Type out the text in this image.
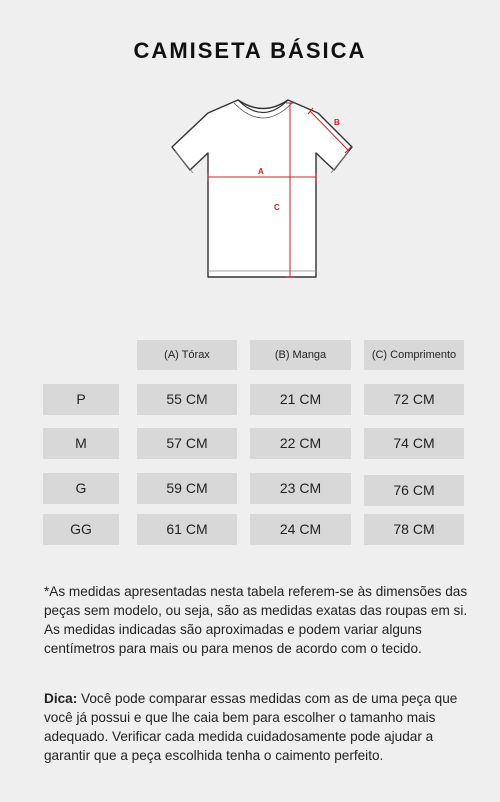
CAMISETA BÁSICA
A
B
C
(A) Tórax	(B) Manga	(C) Comprimento
P	55 CM	21 CM	72 CM
M	57 CM	22 CM	74 CM
G	59 CM	23 CM	76 CM
GG	61 CM	24 CM	78 CM
*As medidas apresentadas nesta tabela referem-se às dimensões das peças sem modelo, ou seja, são as medidas exatas das roupas em si. As medidas indicadas são aproximadas e podem variar alguns centímetros para mais ou para menos de acordo com o tecido.
Dica: Você pode comparar essas medidas com as de uma peça que você já possui e que lhe caia bem para escolher o tamanho mais adequado. Verificar cada medida cuidadosamente pode ajudar a garantir que a peça escolhida tenha o caimento perfeito.
